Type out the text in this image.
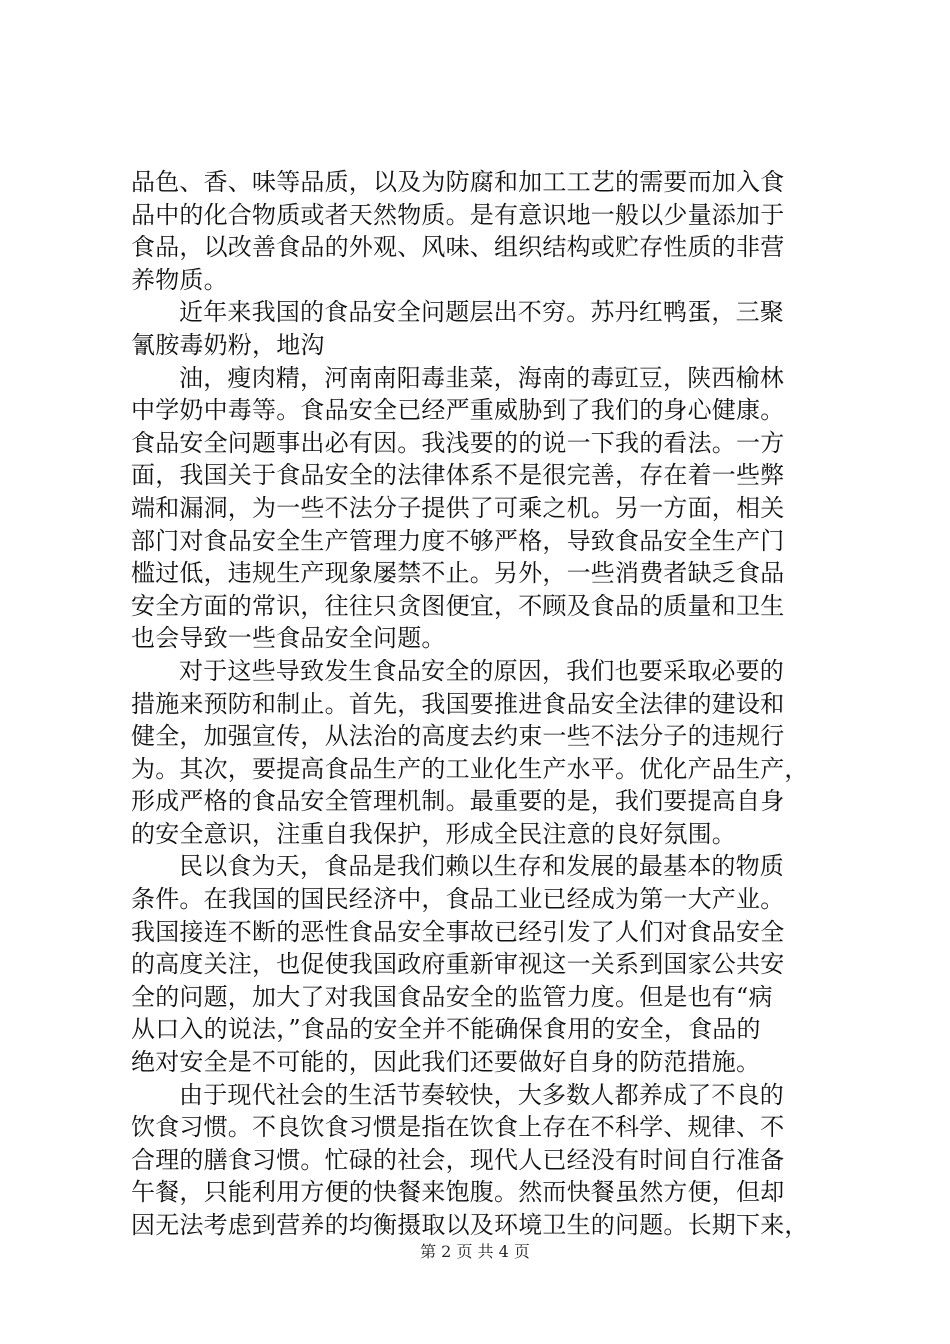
品色、香、味等品质，以及为防腐和加工工艺的需要而加入食
品中的化合物质或者天然物质。是有意识地一般以少量添加于
食品，以改善食品的外观、风味、组织结构或贮存性质的非营
养物质。
近年来我国的食品安全问题层出不穷。苏丹红鸭蛋，三聚
氰胺毒奶粉，地沟
油，瘦肉精，河南南阳毒韭菜，海南的毒豇豆，陕西榆林
中学奶中毒等。食品安全已经严重威胁到了我们的身心健康。
食品安全问题事出必有因。我浅要的的说一下我的看法。一方
面，我国关于食品安全的法律体系不是很完善，存在着一些弊
端和漏洞，为一些不法分子提供了可乘之机。另一方面，相关
部门对食品安全生产管理力度不够严格，导致食品安全生产门
槛过低，违规生产现象屡禁不止。另外，一些消费者缺乏食品
安全方面的常识，往往只贪图便宜，不顾及食品的质量和卫生
也会导致一些食品安全问题。
对于这些导致发生食品安全的原因，我们也要采取必要的
措施来预防和制止。首先，我国要推进食品安全法律的建设和
健全，加强宣传，从法治的高度去约束一些不法分子的违规行
为。其次，要提高食品生产的工业化生产水平。优化产品生产，
形成严格的食品安全管理机制。最重要的是，我们要提高自身
的安全意识，注重自我保护，形成全民注意的良好氛围。
民以食为天，食品是我们赖以生存和发展的最基本的物质
条件。在我国的国民经济中，食品工业已经成为第一大产业。
我国接连不断的恶性食品安全事故已经引发了人们对食品安全
的高度关注，也促使我国政府重新审视这一关系到国家公共安
全的问题，加大了对我国食品安全的监管力度。但是也有“病
从口入的说法，”食品的安全并不能确保食用的安全，食品的
绝对安全是不可能的，因此我们还要做好自身的防范措施。
由于现代社会的生活节奏较快，大多数人都养成了不良的
饮食习惯。不良饮食习惯是指在饮食上存在不科学、规律、不
合理的膳食习惯。忙碌的社会，现代人已经没有时间自行准备
午餐，只能利用方便的快餐来饱腹。然而快餐虽然方便，但却
因无法考虑到营养的均衡摄取以及环境卫生的问题。长期下来，
第 2 页 共 4 页
